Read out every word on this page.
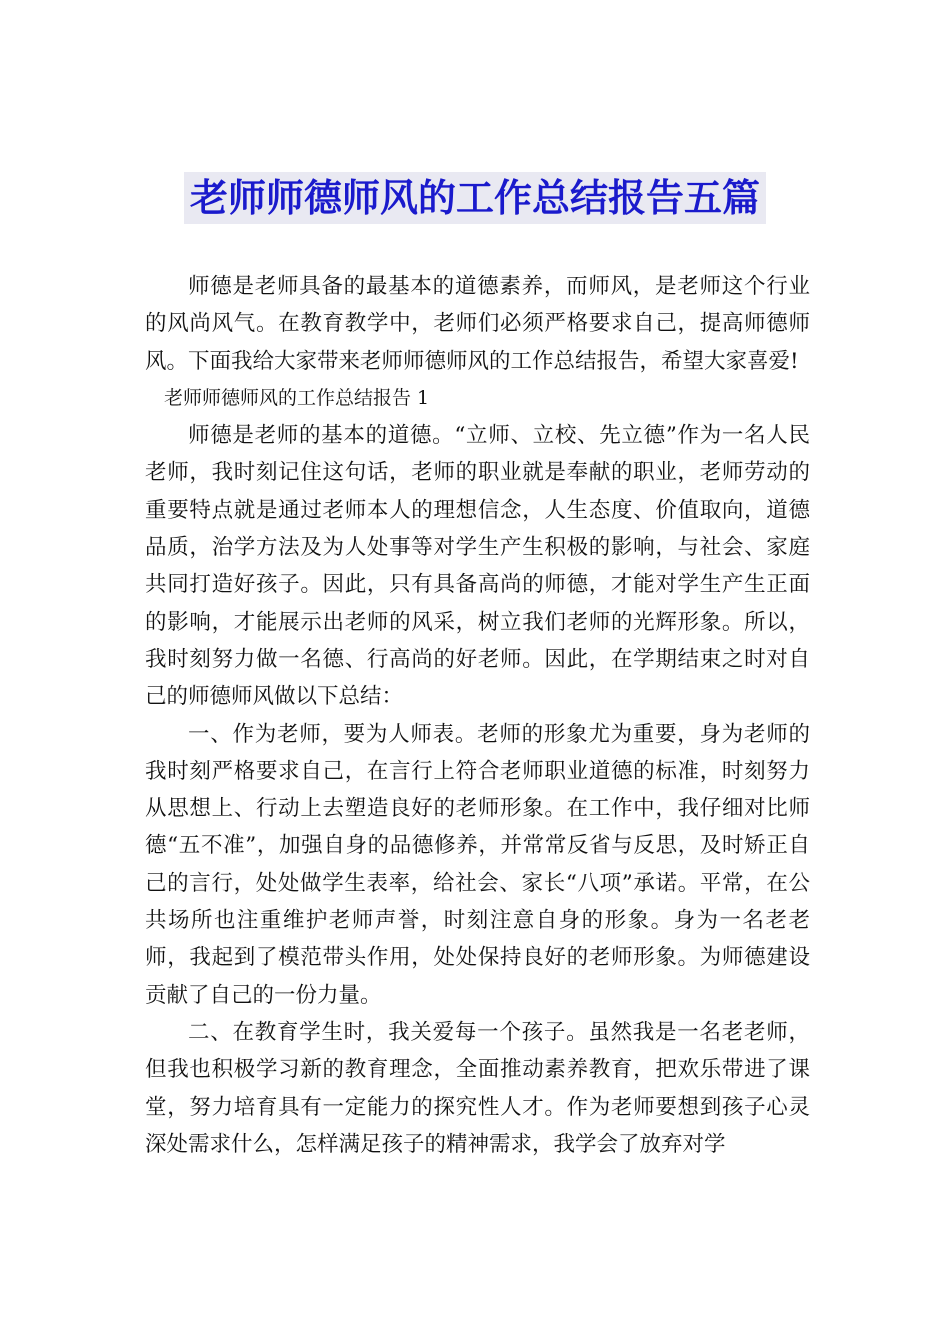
老师师德师风的工作总结报告五篇

师德是老师具备的最基本的道德素养，而师风，是老师这个行业的风尚风气。在教育教学中，老师们必须严格要求自己，提高师德师风。下面我给大家带来老师师德师风的工作总结报告，希望大家喜爱!

老师师德师风的工作总结报告 1

师德是老师的基本的道德。“立师、立校、先立德”作为一名人民老师，我时刻记住这句话，老师的职业就是奉献的职业，老师劳动的重要特点就是通过老师本人的理想信念，人生态度、价值取向，道德品质，治学方法及为人处事等对学生产生积极的影响，与社会、家庭共同打造好孩子。因此，只有具备高尚的师德，才能对学生产生正面的影响，才能展示出老师的风采，树立我们老师的光辉形象。所以，我时刻努力做一名德、行高尚的好老师。因此，在学期结束之时对自己的师德师风做以下总结：

一、作为老师，要为人师表。老师的形象尤为重要，身为老师的我时刻严格要求自己，在言行上符合老师职业道德的标准，时刻努力从思想上、行动上去塑造良好的老师形象。在工作中，我仔细对比师德“五不准”，加强自身的品德修养，并常常反省与反思，及时矫正自己的言行，处处做学生表率，给社会、家长“八项”承诺。平常，在公共场所也注重维护老师声誉，时刻注意自身的形象。身为一名老老师，我起到了模范带头作用，处处保持良好的老师形象。为师德建设贡献了自己的一份力量。

二、在教育学生时，我关爱每一个孩子。虽然我是一名老老师，但我也积极学习新的教育理念，全面推动素养教育，把欢乐带进了课堂，努力培育具有一定能力的探究性人才。作为老师要想到孩子心灵深处需求什么，怎样满足孩子的精神需求，我学会了放弃对学
